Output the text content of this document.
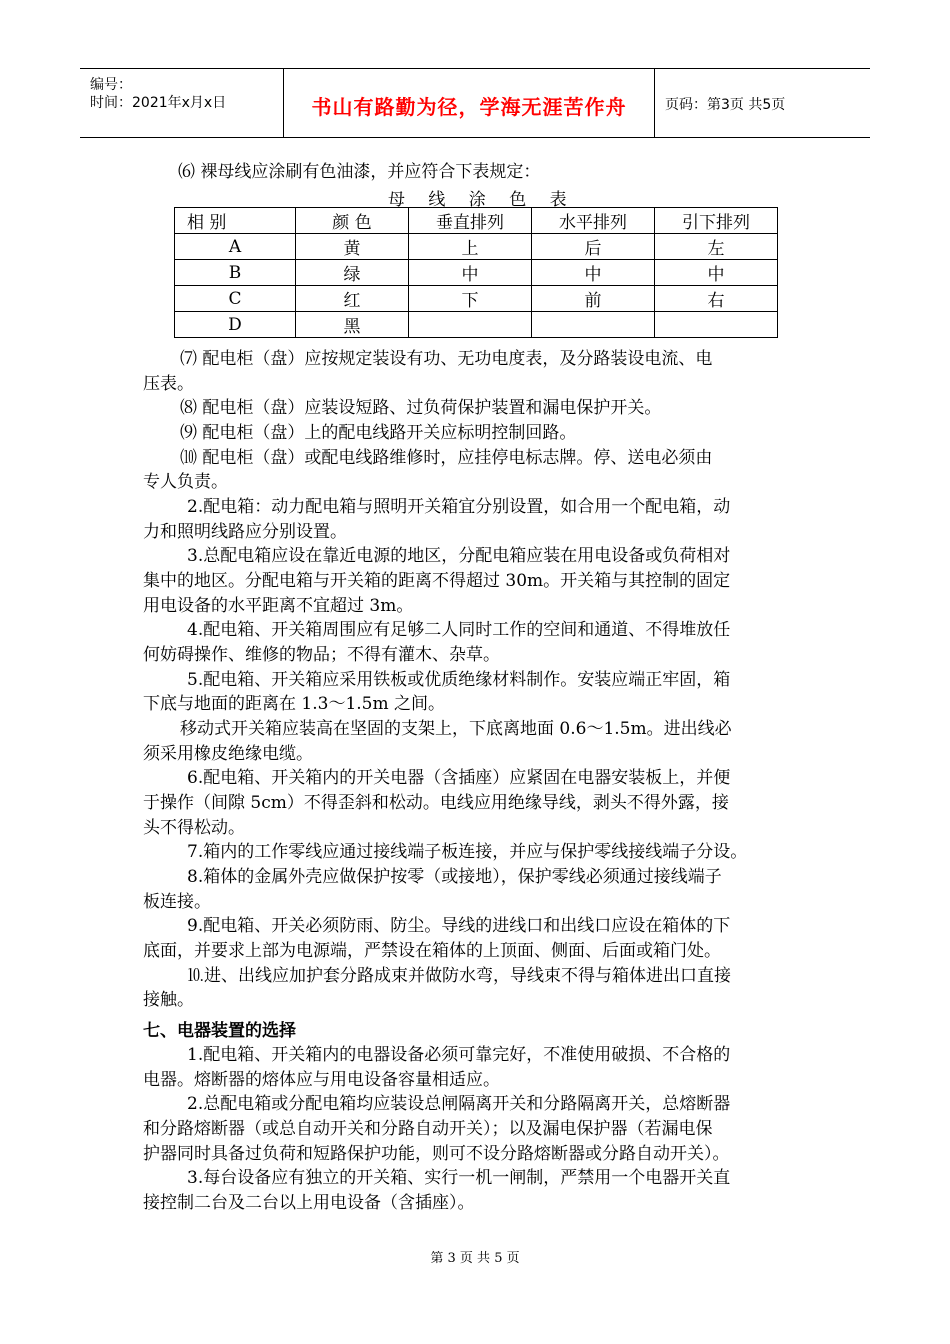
编号：
时间：2021年x月x日	书山有路勤为径，学海无涯苦作舟	页码：第3页 共5页
⑹ 裸母线应涂刷有色油漆，并应符合下表规定：
母 线 涂 色 表
相 别	颜 色	垂直排列	水平排列	引下排列
A	黄	上	后	左
B	绿	中	中	中
C	红	下	前	右
D	黑			
⑺ 配电柜（盘）应按规定装设有功、无功电度表，及分路装设电流、电
压表。
⑻ 配电柜（盘）应装设短路、过负荷保护装置和漏电保护开关。
⑼ 配电柜（盘）上的配电线路开关应标明控制回路。
⑽ 配电柜（盘）或配电线路维修时，应挂停电标志牌。停、送电必须由
专人负责。
2.配电箱：动力配电箱与照明开关箱宜分别设置，如合用一个配电箱，动
力和照明线路应分别设置。
3.总配电箱应设在靠近电源的地区，分配电箱应装在用电设备或负荷相对
集中的地区。分配电箱与开关箱的距离不得超过 30m。开关箱与其控制的固定
用电设备的水平距离不宜超过 3m。
4.配电箱、开关箱周围应有足够二人同时工作的空间和通道、不得堆放任
何妨碍操作、维修的物品；不得有灌木、杂草。
5.配电箱、开关箱应采用铁板或优质绝缘材料制作。安装应端正牢固，箱
下底与地面的距离在 1.3～1.5m 之间。
移动式开关箱应装高在坚固的支架上，下底离地面 0.6～1.5m。进出线必
须采用橡皮绝缘电缆。
6.配电箱、开关箱内的开关电器（含插座）应紧固在电器安装板上，并便
于操作（间隙 5cm）不得歪斜和松动。电线应用绝缘导线，剥头不得外露，接
头不得松动。
7.箱内的工作零线应通过接线端子板连接，并应与保护零线接线端子分设。
8.箱体的金属外壳应做保护按零（或接地），保护零线必须通过接线端子
板连接。
9.配电箱、开关必须防雨、防尘。导线的进线口和出线口应设在箱体的下
底面，并要求上部为电源端，严禁设在箱体的上顶面、侧面、后面或箱门处。
⒑进、出线应加护套分路成束并做防水弯，导线束不得与箱体进出口直接
接触。
七、电器装置的选择
1.配电箱、开关箱内的电器设备必须可靠完好，不准使用破损、不合格的
电器。熔断器的熔体应与用电设备容量相适应。
2.总配电箱或分配电箱均应装设总闸隔离开关和分路隔离开关，总熔断器
和分路熔断器（或总自动开关和分路自动开关）；以及漏电保护器（若漏电保
护器同时具备过负荷和短路保护功能，则可不设分路熔断器或分路自动开关）。
3.每台设备应有独立的开关箱、实行一机一闸制，严禁用一个电器开关直
接控制二台及二台以上用电设备（含插座）。
第 3 页 共 5 页
